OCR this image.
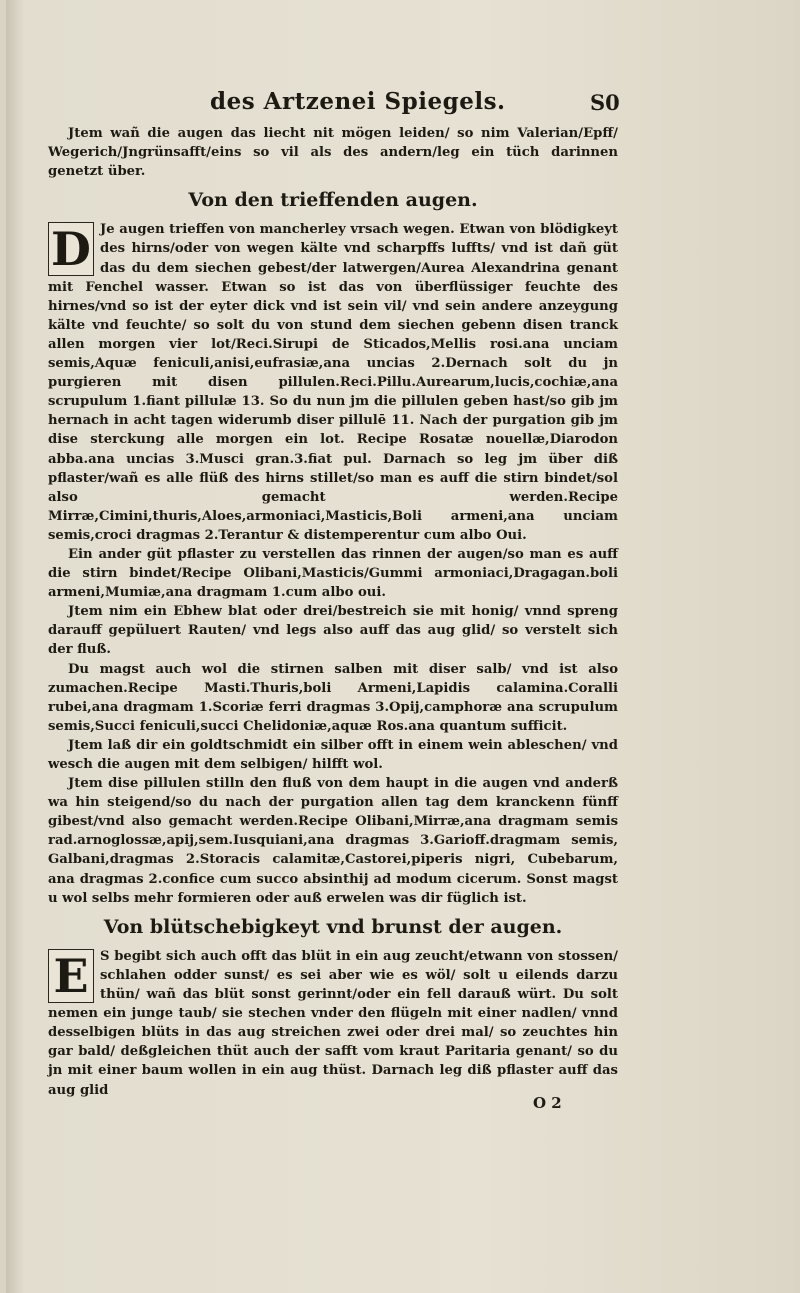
des Artzenei Spiegels.	S0

Jtem wañ die augen das liecht nit mögen leiden/ so nim Valerian/Epff/ Wegerich/Jngrünsafft/eins so vil als des andern/leg ein tüch darinnen genetzt über.

Von den trieffenden augen.

D Je augen trieffen von mancherley vrsach wegen. Etwan von blödigkeyt des hirns/oder von wegen kälte vnd scharpffs luffts/ vnd ist dañ güt das du dem siechen gebest/der latwergen/Aurea Alexandrina genant mit Fenchel wasser. Etwan so ist das von überflüssiger feuchte des hirnes/vnd so ist der eyter dick vnd ist sein vil/ vnd sein andere anzeygung kälte vnd feuchte/ so solt du von stund dem siechen gebenn disen tranck allen morgen vier lot/Reci.Sirupi de Sticados,Mellis rosi.ana unciam semis,Aquæ feniculi,anisi,eufrasiæ,ana uncias 2.Dernach solt du jn purgieren mit disen pillulen.Reci.Pillu.Aurearum,lucis,cochiæ,ana scrupulum 1.fiant pillulæ 13. So du nun jm die pillulen geben hast/so gib jm hernach in acht tagen widerumb diser pillulē 11. Nach der purgation gib jm dise sterckung alle morgen ein lot. Recipe Rosatæ nouellæ,Diarodon abba.ana uncias 3.Musci gran.3.fiat pul. Darnach so leg jm über diß pflaster/wañ es alle flüß des hirns stillet/so man es auff die stirn bindet/sol also gemacht werden.Recipe Mirræ,Cimini,thuris,Aloes,armoniaci,Masticis,Boli armeni,ana unciam semis,croci dragmas 2.Terantur & distemperentur cum albo Oui.

Ein ander güt pflaster zu verstellen das rinnen der augen/so man es auff die stirn bindet/Recipe Olibani,Masticis/Gummi armoniaci,Dragagan.boli armeni,Mumiæ,ana dragmam 1.cum albo oui.

Jtem nim ein Ebhew blat oder drei/bestreich sie mit honig/ vnnd spreng darauff gepüluert Rauten/ vnd legs also auff das aug glid/ so verstelt sich der fluß.

Du magst auch wol die stirnen salben mit diser salb/ vnd ist also zumachen.Recipe Masti.Thuris,boli Armeni,Lapidis calamina.Coralli rubei,ana dragmam 1.Scoriæ ferri dragmas 3.Opij,camphoræ ana scrupulum semis,Succi feniculi,succi Chelidoniæ,aquæ Ros.ana quantum sufficit.

Jtem laß dir ein goldtschmidt ein silber offt in einem wein ableschen/ vnd wesch die augen mit dem selbigen/ hilfft wol.

Jtem dise pillulen stilln den fluß von dem haupt in die augen vnd anderß wa hin steigend/so du nach der purgation allen tag dem kranckenn fünff gibest/vnd also gemacht werden.Recipe Olibani,Mirræ,ana dragmam semis rad.arnoglossæ,apij,sem.Iusquiani,ana dragmas 3.Garioff.dragmam semis, Galbani,dragmas 2.Storacis calamitæ,Castorei,piperis nigri, Cubebarum, ana dragmas 2.confice cum succo absinthij ad modum cicerum. Sonst magst u wol selbs mehr formieren oder auß erwelen was dir füglich ist.

Von blütschebigkeyt vnd brunst der augen.

E S begibt sich auch offt das blüt in ein aug zeucht/etwann von stossen/ schlahen odder sunst/ es sei aber wie es wöl/ solt u eilends darzu thün/ wañ das blüt sonst gerinnt/oder ein fell darauß würt. Du solt nemen ein junge taub/ sie stechen vnder den flügeln mit einer nadlen/ vnnd desselbigen blüts in das aug streichen zwei oder drei mal/ so zeuchtes hin gar bald/ deßgleichen thüt auch der safft vom kraut Paritaria genant/ so du jn mit einer baum wollen in ein aug thüst. Darnach leg diß pflaster auff das aug glid

O 2
